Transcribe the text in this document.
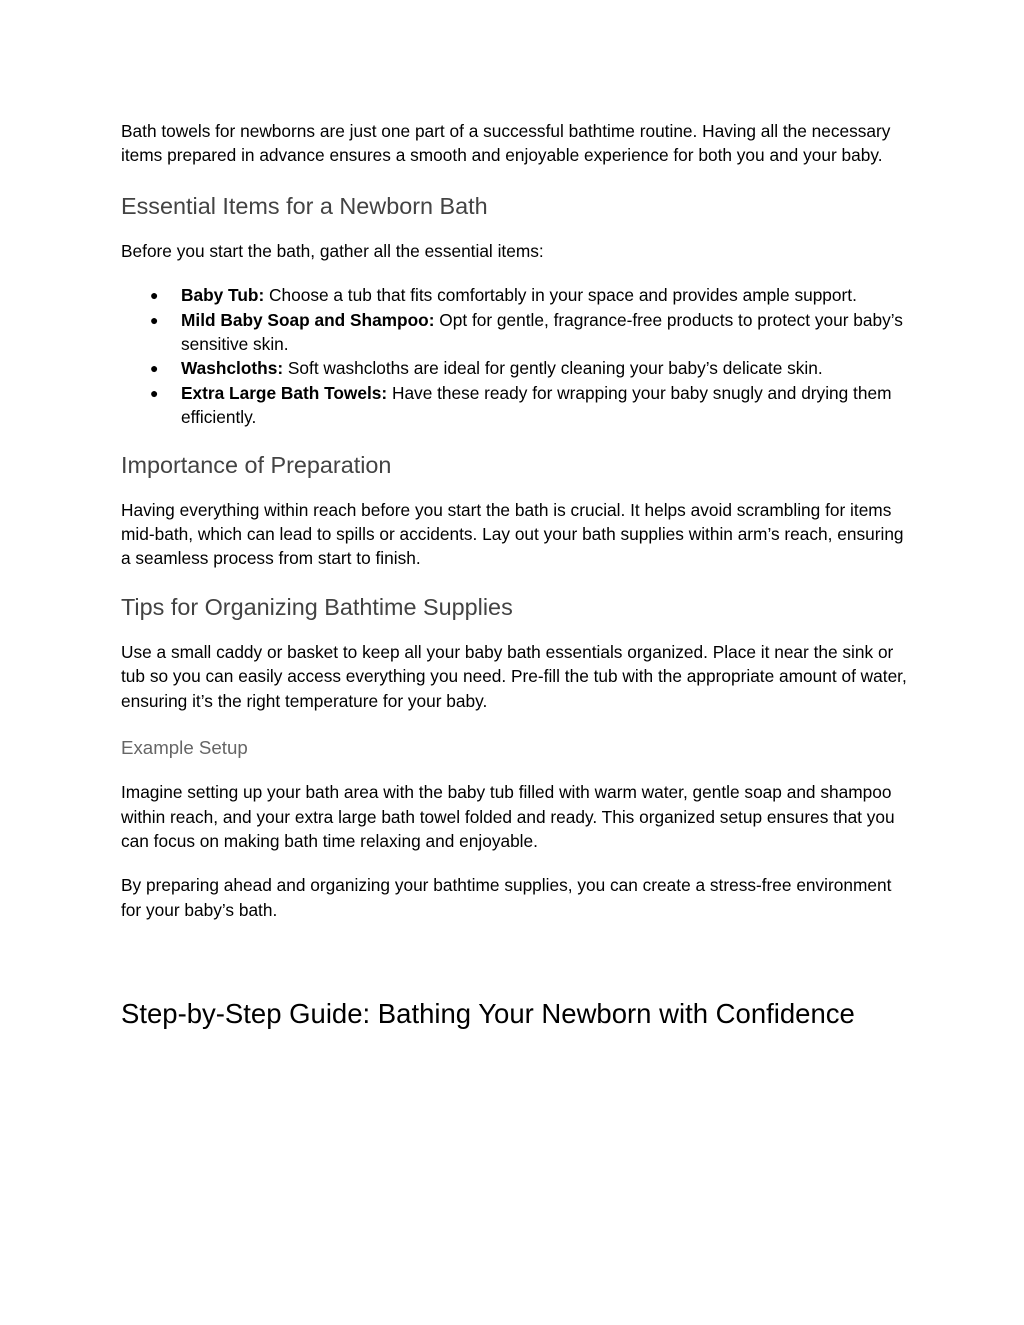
Bath towels for newborns are just one part of a successful bathtime routine. Having all the necessary items prepared in advance ensures a smooth and enjoyable experience for both you and your baby.

Essential Items for a Newborn Bath

Before you start the bath, gather all the essential items:

● Baby Tub: Choose a tub that fits comfortably in your space and provides ample support.
● Mild Baby Soap and Shampoo: Opt for gentle, fragrance-free products to protect your baby’s sensitive skin.
● Washcloths: Soft washcloths are ideal for gently cleaning your baby’s delicate skin.
● Extra Large Bath Towels: Have these ready for wrapping your baby snugly and drying them efficiently.
Importance of Preparation

Having everything within reach before you start the bath is crucial. It helps avoid scrambling for items mid-bath, which can lead to spills or accidents. Lay out your bath supplies within arm’s reach, ensuring a seamless process from start to finish.

Tips for Organizing Bathtime Supplies

Use a small caddy or basket to keep all your baby bath essentials organized. Place it near the sink or tub so you can easily access everything you need. Pre-fill the tub with the appropriate amount of water, ensuring it’s the right temperature for your baby.

Example Setup

Imagine setting up your bath area with the baby tub filled with warm water, gentle soap and shampoo within reach, and your extra large bath towel folded and ready. This organized setup ensures that you can focus on making bath time relaxing and enjoyable.

By preparing ahead and organizing your bathtime supplies, you can create a stress-free environment for your baby’s bath.

Step-by-Step Guide: Bathing Your Newborn with Confidence
